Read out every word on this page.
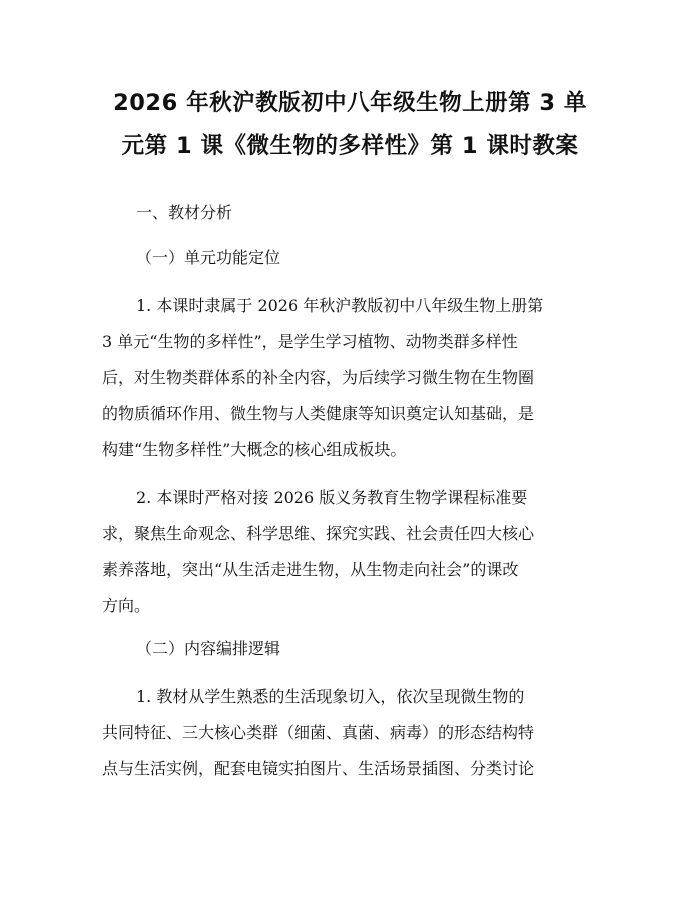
2026 年秋沪教版初中八年级生物上册第 3 单
元第 1 课《微生物的多样性》第 1 课时教案

一、教材分析

（一）单元功能定位

1. 本课时隶属于 2026 年秋沪教版初中八年级生物上册第
3 单元“生物的多样性”，是学生学习植物、动物类群多样性
后，对生物类群体系的补全内容，为后续学习微生物在生物圈
的物质循环作用、微生物与人类健康等知识奠定认知基础，是
构建“生物多样性”大概念的核心组成板块。

2. 本课时严格对接 2026 版义务教育生物学课程标准要
求，聚焦生命观念、科学思维、探究实践、社会责任四大核心
素养落地，突出“从生活走进生物，从生物走向社会”的课改
方向。

（二）内容编排逻辑

1. 教材从学生熟悉的生活现象切入，依次呈现微生物的
共同特征、三大核心类群（细菌、真菌、病毒）的形态结构特
点与生活实例，配套电镜实拍图片、生活场景插图、分类讨论
